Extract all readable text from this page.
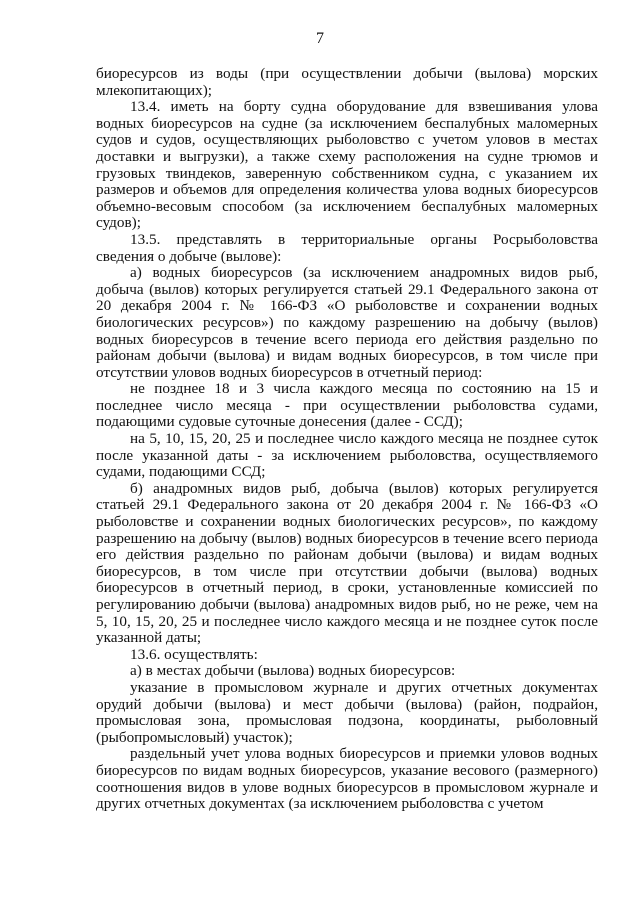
7

биоресурсов из воды (при осуществлении добычи (вылова) морских млекопитающих);

13.4. иметь на борту судна оборудование для взвешивания улова водных биоресурсов на судне (за исключением беспалубных маломерных судов и судов, осуществляющих рыболовство с учетом уловов в местах доставки и выгрузки), а также схему расположения на судне трюмов и грузовых твиндеков, заверенную собственником судна, с указанием их размеров и объемов для определения количества улова водных биоресурсов объемно-весовым способом (за исключением беспалубных маломерных судов);

13.5. представлять в территориальные органы Росрыболовства сведения о добыче (вылове):

а) водных биоресурсов (за исключением анадромных видов рыб, добыча (вылов) которых регулируется статьей 29.1 Федерального закона от 20 декабря 2004 г. № 166-ФЗ «О рыболовстве и сохранении водных биологических ресурсов») по каждому разрешению на добычу (вылов) водных биоресурсов в течение всего периода его действия раздельно по районам добычи (вылова) и видам водных биоресурсов, в том числе при отсутствии уловов водных биоресурсов в отчетный период:

не позднее 18 и 3 числа каждого месяца по состоянию на 15 и последнее число месяца - при осуществлении рыболовства судами, подающими судовые суточные донесения (далее - ССД);

на 5, 10, 15, 20, 25 и последнее число каждого месяца не позднее суток после указанной даты - за исключением рыболовства, осуществляемого судами, подающими ССД;

б) анадромных видов рыб, добыча (вылов) которых регулируется статьей 29.1 Федерального закона от 20 декабря 2004 г. № 166-ФЗ «О рыболовстве и сохранении водных биологических ресурсов», по каждому разрешению на добычу (вылов) водных биоресурсов в течение всего периода его действия раздельно по районам добычи (вылова) и видам водных биоресурсов, в том числе при отсутствии добычи (вылова) водных биоресурсов в отчетный период, в сроки, установленные комиссией по регулированию добычи (вылова) анадромных видов рыб, но не реже, чем на 5, 10, 15, 20, 25 и последнее число каждого месяца и не позднее суток после указанной даты;

13.6. осуществлять:

а) в местах добычи (вылова) водных биоресурсов:

указание в промысловом журнале и других отчетных документах орудий добычи (вылова) и мест добычи (вылова) (район, подрайон, промысловая зона, промысловая подзона, координаты, рыболовный (рыбопромысловый) участок);

раздельный учет улова водных биоресурсов и приемки уловов водных биоресурсов по видам водных биоресурсов, указание весового (размерного) соотношения видов в улове водных биоресурсов в промысловом журнале и других отчетных документах (за исключением рыболовства с учетом
